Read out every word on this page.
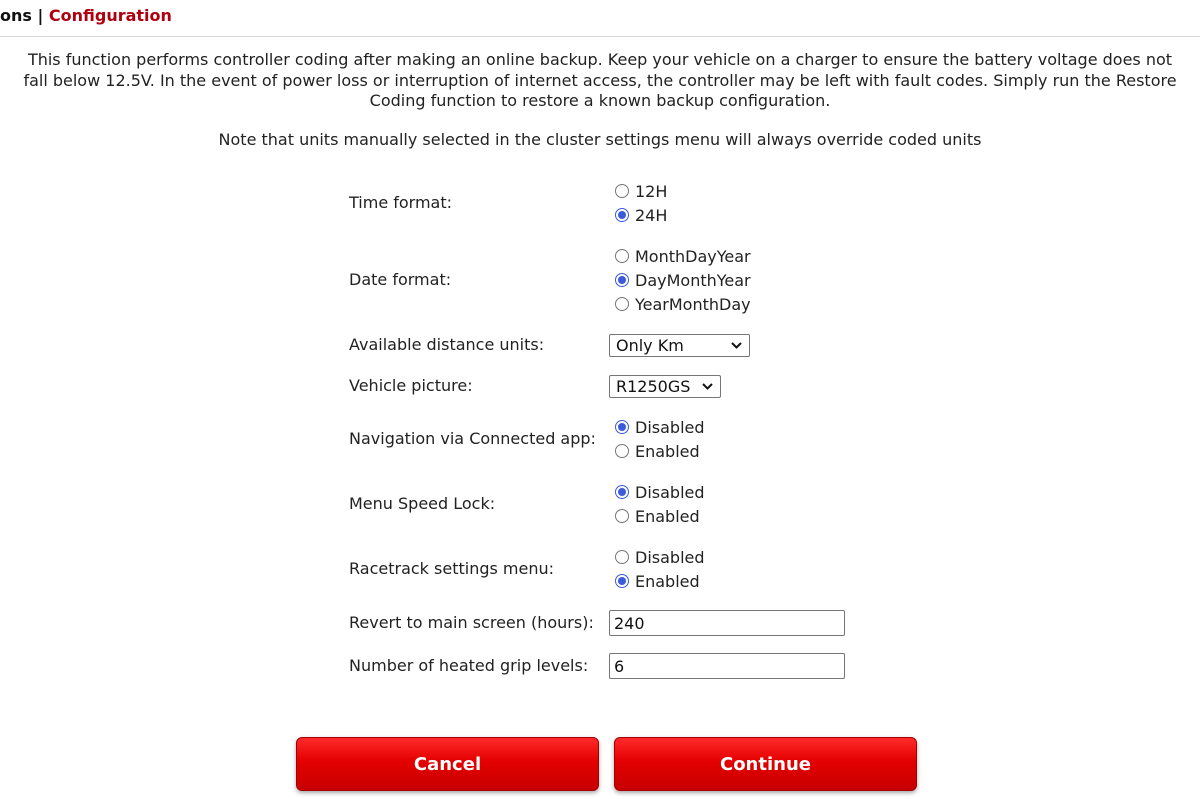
ons | Configuration

This function performs controller coding after making an online backup. Keep your vehicle on a charger to ensure the battery voltage does not fall below 12.5V. In the event of power loss or interruption of internet access, the controller may be left with fault codes. Simply run the Restore Coding function to restore a known backup configuration.

Note that units manually selected in the cluster settings menu will always override coded units

Time format:
12H
24H
Date format:
MonthDayYear
DayMonthYear
YearMonthDay
Available distance units:	Only Km
Vehicle picture:	R1250GS
Navigation via Connected app:
Disabled
Enabled
Menu Speed Lock:
Disabled
Enabled
Racetrack settings menu:
Disabled
Enabled
Revert to main screen (hours):
240
Number of heated grip levels:
6
Cancel	Continue
